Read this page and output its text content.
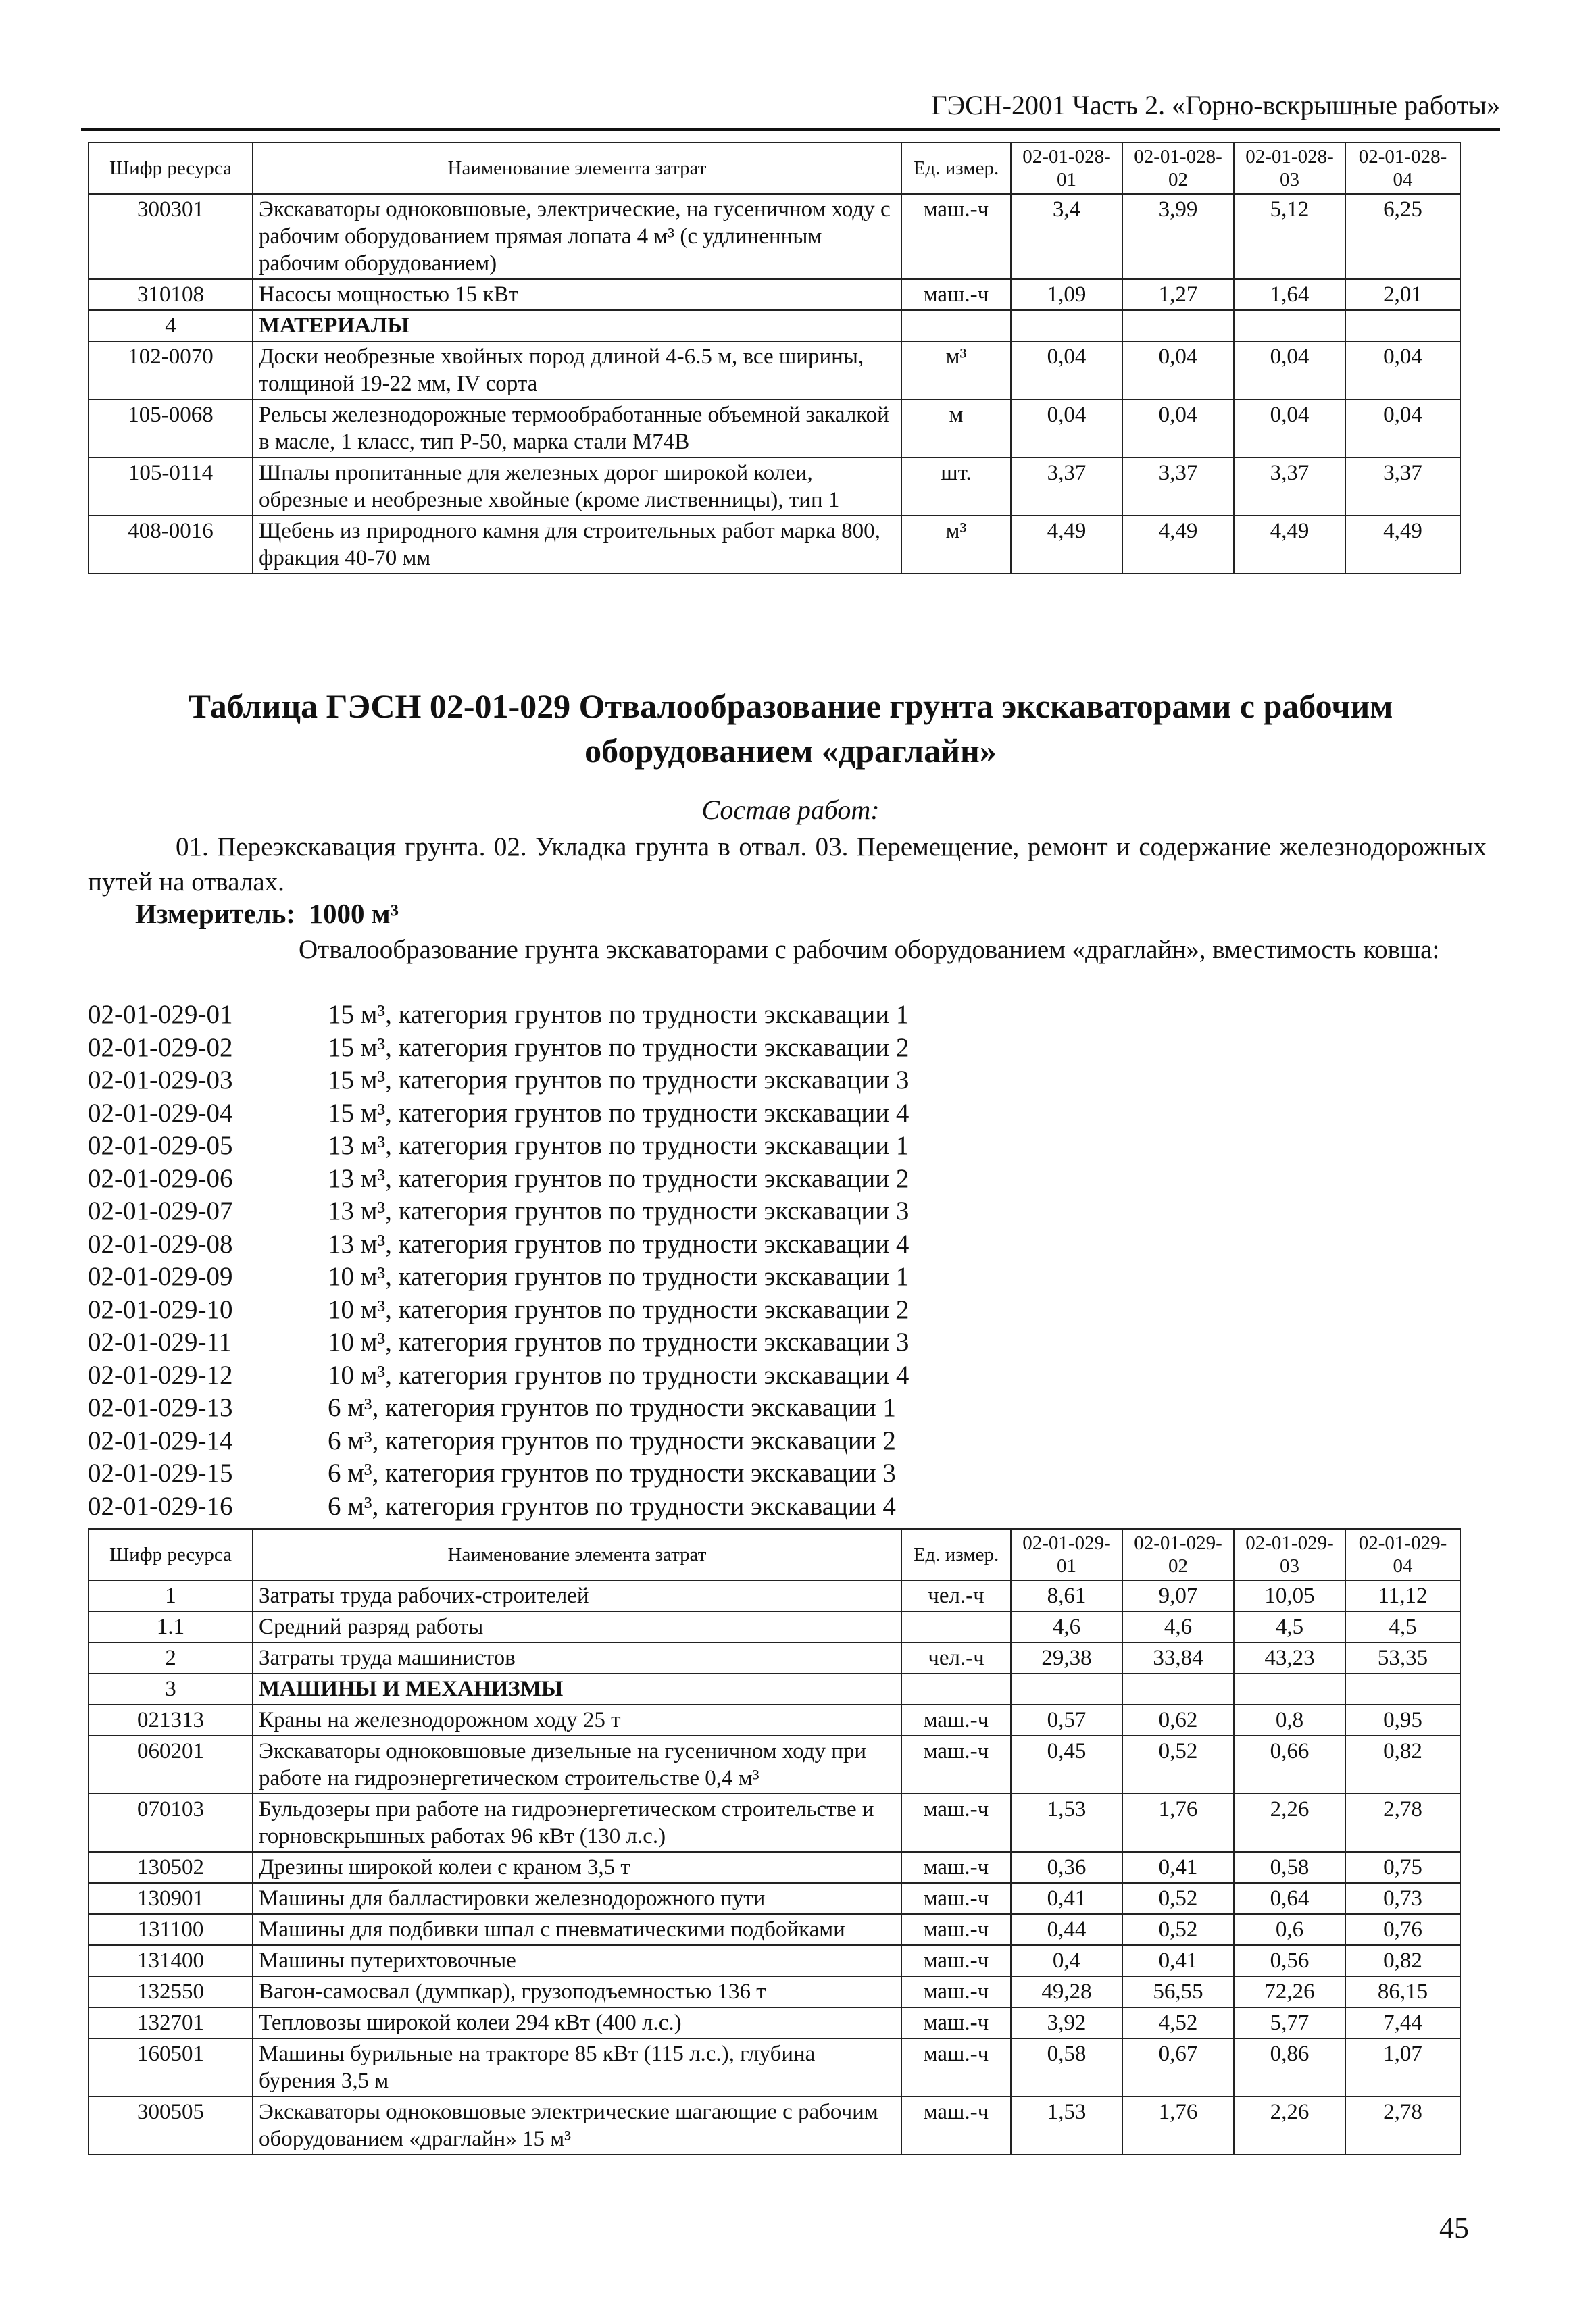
ГЭСН-2001 Часть 2. «Горно-вскрышные работы»
Шифр ресурса	Наименование элемента затрат	Ед. измер.	02-01-028-01	02-01-028-02	02-01-028-03	02-01-028-04
300301	Экскаваторы одноковшовые, электрические, на гусеничном ходу с рабочим оборудованием прямая лопата 4 м³ (с удлиненным рабочим оборудованием)	маш.-ч	3,4	3,99	5,12	6,25
310108	Насосы мощностью 15 кВт	маш.-ч	1,09	1,27	1,64	2,01
4	МАТЕРИАЛЫ					
102-0070	Доски необрезные хвойных пород длиной 4-6.5 м, все ширины, толщиной 19-22 мм, IV сорта	м³	0,04	0,04	0,04	0,04
105-0068	Рельсы железнодорожные термообработанные объемной закалкой в масле, 1 класс, тип Р-50, марка стали М74В	м	0,04	0,04	0,04	0,04
105-0114	Шпалы пропитанные для железных дорог широкой колеи, обрезные и необрезные хвойные (кроме лиственницы), тип 1	шт.	3,37	3,37	3,37	3,37
408-0016	Щебень из природного камня для строительных работ марка 800, фракция 40-70 мм	м³	4,49	4,49	4,49	4,49
Таблица ГЭСН 02-01-029 Отвалообразование грунта экскаваторами с рабочим оборудованием «драглайн»
Состав работ:
01. Переэкскавация грунта. 02. Укладка грунта в отвал. 03. Перемещение, ремонт и содержание железнодорожных путей на отвалах.
Измеритель: 1000 м³
Отвалообразование грунта экскаваторами с рабочим оборудованием «драглайн», вместимость ковша:
02-01-029-01	15 м³, категория грунтов по трудности экскавации 1
02-01-029-02	15 м³, категория грунтов по трудности экскавации 2
02-01-029-03	15 м³, категория грунтов по трудности экскавации 3
02-01-029-04	15 м³, категория грунтов по трудности экскавации 4
02-01-029-05	13 м³, категория грунтов по трудности экскавации 1
02-01-029-06	13 м³, категория грунтов по трудности экскавации 2
02-01-029-07	13 м³, категория грунтов по трудности экскавации 3
02-01-029-08	13 м³, категория грунтов по трудности экскавации 4
02-01-029-09	10 м³, категория грунтов по трудности экскавации 1
02-01-029-10	10 м³, категория грунтов по трудности экскавации 2
02-01-029-11	10 м³, категория грунтов по трудности экскавации 3
02-01-029-12	10 м³, категория грунтов по трудности экскавации 4
02-01-029-13	6 м³, категория грунтов по трудности экскавации 1
02-01-029-14	6 м³, категория грунтов по трудности экскавации 2
02-01-029-15	6 м³, категория грунтов по трудности экскавации 3
02-01-029-16	6 м³, категория грунтов по трудности экскавации 4
Шифр ресурса	Наименование элемента затрат	Ед. измер.	02-01-029-01	02-01-029-02	02-01-029-03	02-01-029-04
1	Затраты труда рабочих-строителей	чел.-ч	8,61	9,07	10,05	11,12
1.1	Средний разряд работы		4,6	4,6	4,5	4,5
2	Затраты труда машинистов	чел.-ч	29,38	33,84	43,23	53,35
3	МАШИНЫ И МЕХАНИЗМЫ					
021313	Краны на железнодорожном ходу 25 т	маш.-ч	0,57	0,62	0,8	0,95
060201	Экскаваторы одноковшовые дизельные на гусеничном ходу при работе на гидроэнергетическом строительстве 0,4 м³	маш.-ч	0,45	0,52	0,66	0,82
070103	Бульдозеры при работе на гидроэнергетическом строительстве и горновскрышных работах 96 кВт (130 л.с.)	маш.-ч	1,53	1,76	2,26	2,78
130502	Дрезины широкой колеи с краном 3,5 т	маш.-ч	0,36	0,41	0,58	0,75
130901	Машины для балластировки железнодорожного пути	маш.-ч	0,41	0,52	0,64	0,73
131100	Машины для подбивки шпал с пневматическими подбойками	маш.-ч	0,44	0,52	0,6	0,76
131400	Машины путерихтовочные	маш.-ч	0,4	0,41	0,56	0,82
132550	Вагон-самосвал (думпкар), грузоподъемностью 136 т	маш.-ч	49,28	56,55	72,26	86,15
132701	Тепловозы широкой колеи 294 кВт (400 л.с.)	маш.-ч	3,92	4,52	5,77	7,44
160501	Машины бурильные на тракторе 85 кВт (115 л.с.), глубина бурения 3,5 м	маш.-ч	0,58	0,67	0,86	1,07
300505	Экскаваторы одноковшовые электрические шагающие с рабочим оборудованием «драглайн» 15 м³	маш.-ч	1,53	1,76	2,26	2,78
45
